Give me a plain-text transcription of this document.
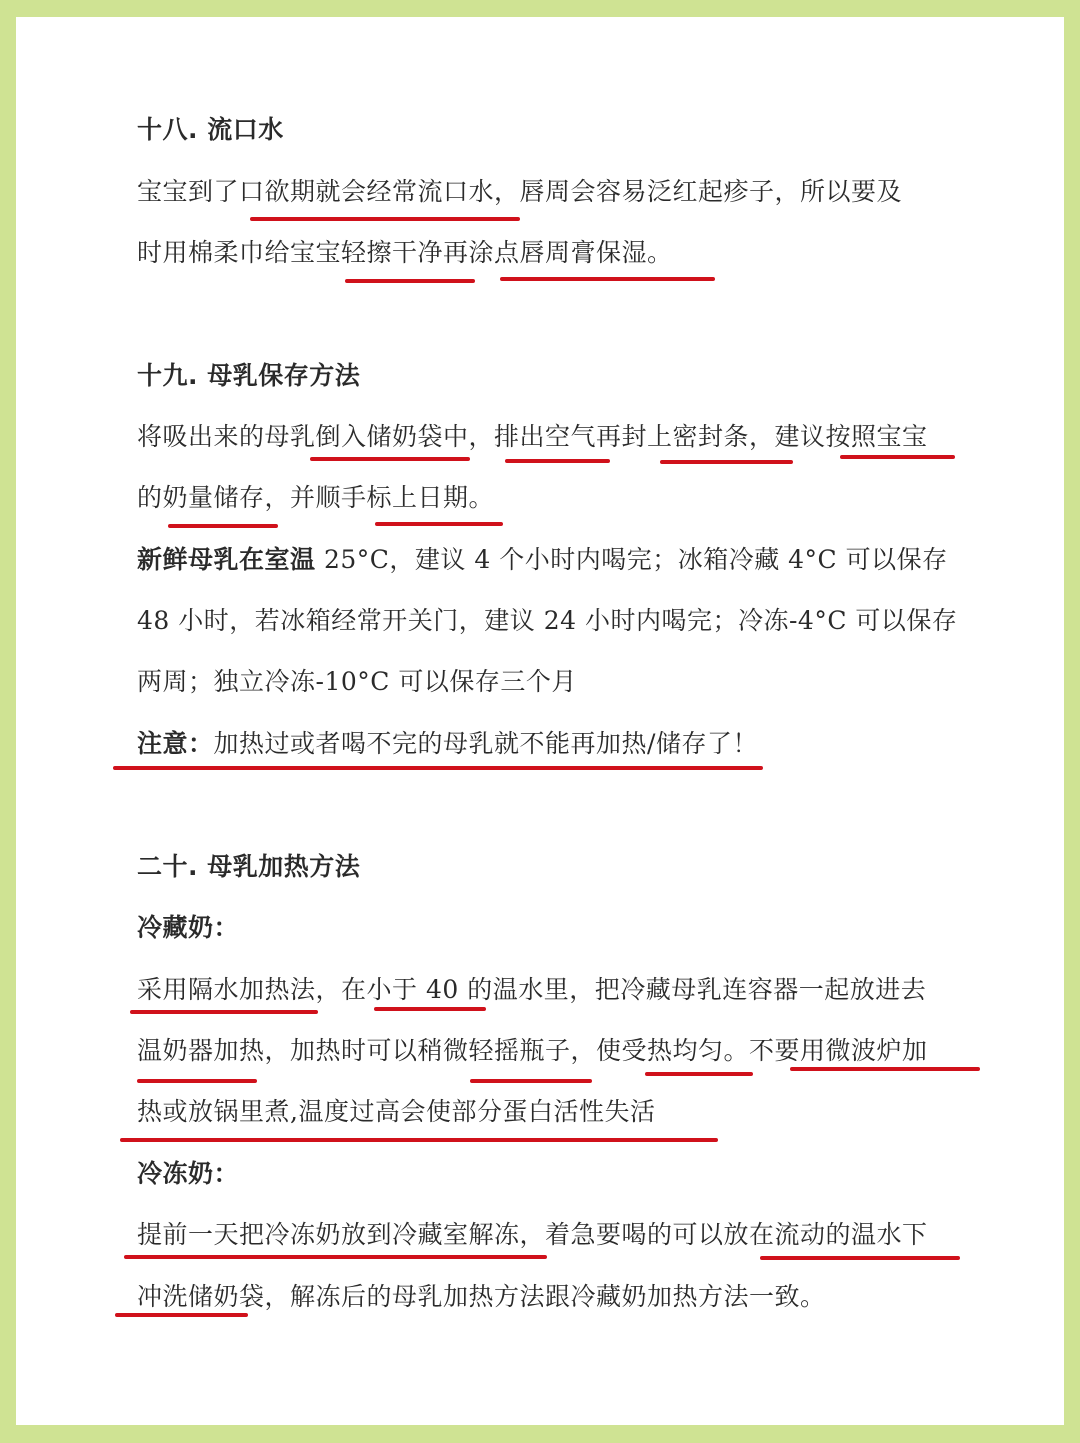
十八. 流口水
宝宝到了口欲期就会经常流口水，唇周会容易泛红起疹子，所以要及
时用棉柔巾给宝宝轻擦干净再涂点唇周膏保湿。
十九. 母乳保存方法
将吸出来的母乳倒入储奶袋中，排出空气再封上密封条，建议按照宝宝
的奶量储存，并顺手标上日期。
新鲜母乳在室温 25°C，建议 4 个小时内喝完；冰箱冷藏 4°C 可以保存
48 小时，若冰箱经常开关门，建议 24 小时内喝完；冷冻-4°C 可以保存
两周；独立冷冻-10°C 可以保存三个月
注意：加热过或者喝不完的母乳就不能再加热/储存了！
二十. 母乳加热方法
冷藏奶：
采用隔水加热法，在小于 40 的温水里，把冷藏母乳连容器一起放进去
温奶器加热，加热时可以稍微轻摇瓶子，使受热均匀。不要用微波炉加
热或放锅里煮,温度过高会使部分蛋白活性失活
冷冻奶：
提前一天把冷冻奶放到冷藏室解冻，着急要喝的可以放在流动的温水下
冲洗储奶袋，解冻后的母乳加热方法跟冷藏奶加热方法一致。
